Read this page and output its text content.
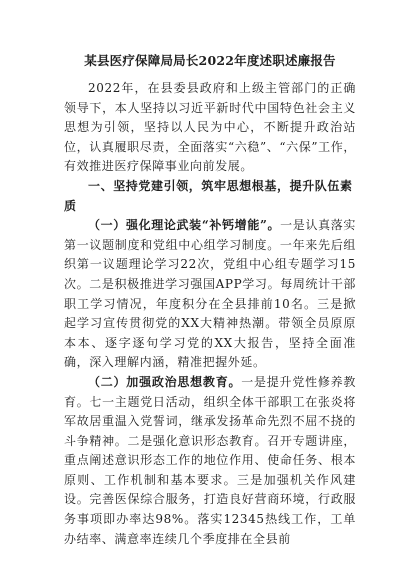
某县医疗保障局局长2022年度述职述廉报告

2022年，在县委县政府和上级主管部门的正确领导下，本人坚持以习近平新时代中国特色社会主义思想为引领，坚持以人民为中心，不断提升政治站位，认真履职尽责，全面落实“六稳”、“六保”工作，有效推进医疗保障事业向前发展。

一、坚持党建引领，筑牢思想根基，提升队伍素质

（一）强化理论武装“补钙增能”。一是认真落实第一议题制度和党组中心组学习制度。一年来先后组织第一议题理论学习22次，党组中心组专题学习15次。二是积极推进学习强国APP学习。每周统计干部职工学习情况，年度积分在全县排前10名。三是掀起学习宣传贯彻党的XX大精神热潮。带领全员原原本本、逐字逐句学习党的XX大报告，坚持全面准确，深入理解内涵，精准把握外延。

（二）加强政治思想教育。一是提升党性修养教育。七一主题党日活动，组织全体干部职工在张炎将军故居重温入党誓词，继承发扬革命先烈不屈不挠的斗争精神。二是强化意识形态教育。召开专题讲座，重点阐述意识形态工作的地位作用、使命任务、根本原则、工作机制和基本要求。三是加强机关作风建设。完善医保综合服务，打造良好营商环境，行政服务事项即办率达98%。落实12345热线工作，工单办结率、满意率连续几个季度排在全县前
